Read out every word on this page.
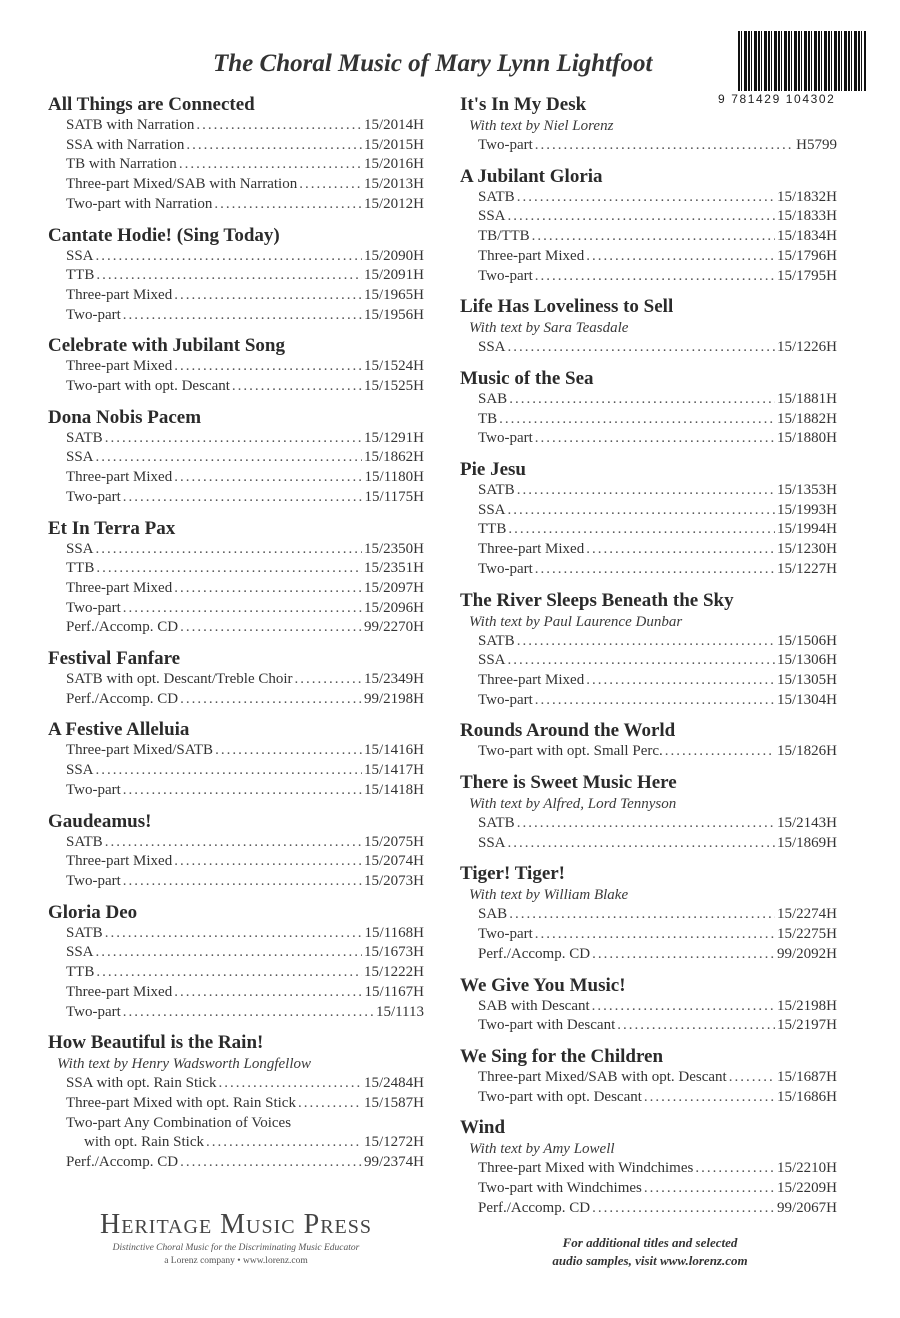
The Choral Music of Mary Lynn Lightfoot
9 781429 104302
All Things are Connected
SATB with Narration .....	15/2014H
SSA with Narration .....	15/2015H
TB with Narration .....	15/2016H
Three-part Mixed/SAB with Narration .....	15/2013H
Two-part with Narration .....	15/2012H
Cantate Hodie! (Sing Today)
SSA .....	15/2090H
TTB .....	15/2091H
Three-part Mixed .....	15/1965H
Two-part .....	15/1956H
Celebrate with Jubilant Song
Three-part Mixed .....	15/1524H
Two-part with opt. Descant .....	15/1525H
Dona Nobis Pacem
SATB .....	15/1291H
SSA .....	15/1862H
Three-part Mixed .....	15/1180H
Two-part .....	15/1175H
Et In Terra Pax
SSA .....	15/2350H
TTB .....	15/2351H
Three-part Mixed .....	15/2097H
Two-part .....	15/2096H
Perf./Accomp. CD .....	99/2270H
Festival Fanfare
SATB with opt. Descant/Treble Choir .....	15/2349H
Perf./Accomp. CD .....	99/2198H
A Festive Alleluia
Three-part Mixed/SATB .....	15/1416H
SSA .....	15/1417H
Two-part .....	15/1418H
Gaudeamus!
SATB .....	15/2075H
Three-part Mixed .....	15/2074H
Two-part .....	15/2073H
Gloria Deo
SATB .....	15/1168H
SSA .....	15/1673H
TTB .....	15/1222H
Three-part Mixed .....	15/1167H
Two-part .....	15/1113
How Beautiful is the Rain!
With text by Henry Wadsworth Longfellow
SSA with opt. Rain Stick .....	15/2484H
Three-part Mixed with opt. Rain Stick .....	15/1587H
Two-part Any Combination of Voices
with opt. Rain Stick .....	15/1272H
Perf./Accomp. CD .....	99/2374H
It's In My Desk
With text by Niel Lorenz
Two-part .....	H5799
A Jubilant Gloria
SATB .....	15/1832H
SSA .....	15/1833H
TB/TTB .....	15/1834H
Three-part Mixed .....	15/1796H
Two-part .....	15/1795H
Life Has Loveliness to Sell
With text by Sara Teasdale
SSA .....	15/1226H
Music of the Sea
SAB .....	15/1881H
TB .....	15/1882H
Two-part .....	15/1880H
Pie Jesu
SATB .....	15/1353H
SSA .....	15/1993H
TTB .....	15/1994H
Three-part Mixed .....	15/1230H
Two-part .....	15/1227H
The River Sleeps Beneath the Sky
With text by Paul Laurence Dunbar
SATB .....	15/1506H
SSA .....	15/1306H
Three-part Mixed .....	15/1305H
Two-part .....	15/1304H
Rounds Around the World
Two-part with opt. Small Perc. .....	15/1826H
There is Sweet Music Here
With text by Alfred, Lord Tennyson
SATB .....	15/2143H
SSA .....	15/1869H
Tiger! Tiger!
With text by William Blake
SAB .....	15/2274H
Two-part .....	15/2275H
Perf./Accomp. CD .....	99/2092H
We Give You Music!
SAB with Descant .....	15/2198H
Two-part with Descant .....	15/2197H
We Sing for the Children
Three-part Mixed/SAB with opt. Descant .....	15/1687H
Two-part with opt. Descant .....	15/1686H
Wind
With text by Amy Lowell
Three-part Mixed with Windchimes .....	15/2210H
Two-part with Windchimes .....	15/2209H
Perf./Accomp. CD .....	99/2067H
Heritage Music Press
Distinctive Choral Music for the Discriminating Music Educator
a Lorenz company • www.lorenz.com
For additional titles and selected
audio samples, visit www.lorenz.com
